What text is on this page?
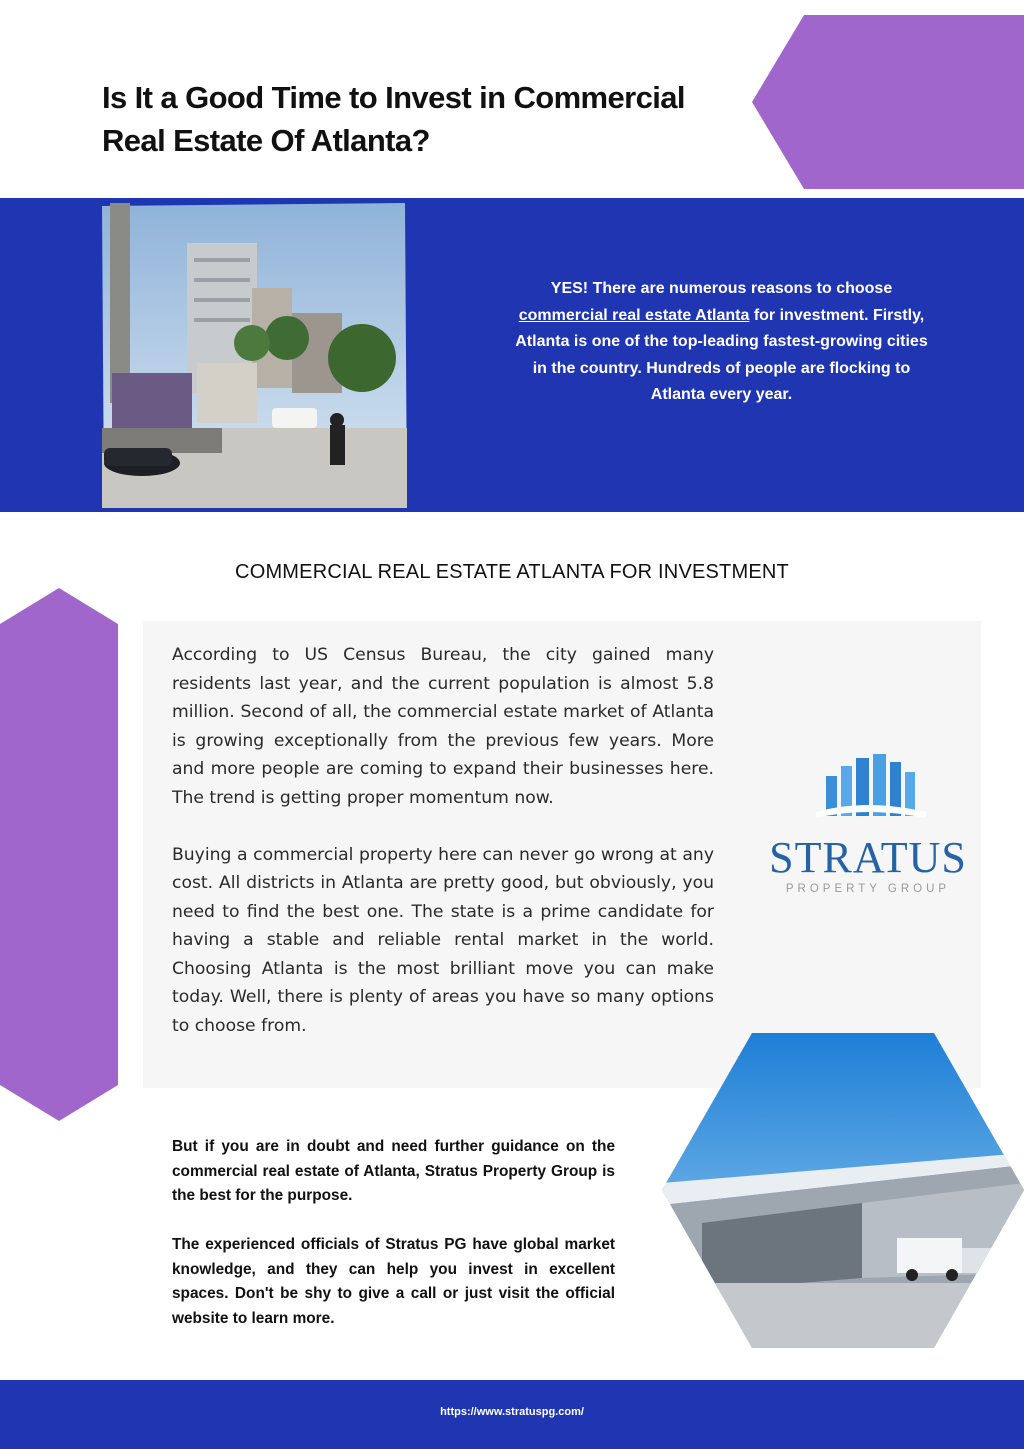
Is It a Good Time to Invest in Commercial
Real Estate Of Atlanta?
YES! There are numerous reasons to choose commercial real estate Atlanta for investment. Firstly, Atlanta is one of the top-leading fastest-growing cities in the country. Hundreds of people are flocking to Atlanta every year.
COMMERCIAL REAL ESTATE ATLANTA FOR INVESTMENT

According to US Census Bureau, the city gained many residents last year, and the current population is almost 5.8 million. Second of all, the commercial estate market of Atlanta is growing exceptionally from the previous few years. More and more people are coming to expand their businesses here. The trend is getting proper momentum now.

Buying a commercial property here can never go wrong at any cost. All districts in Atlanta are pretty good, but obviously, you need to find the best one. The state is a prime candidate for having a stable and reliable rental market in the world. Choosing Atlanta is the most brilliant move you can make today. Well, there is plenty of areas you have so many options to choose from.

STRATUS
PROPERTY GROUP

But if you are in doubt and need further guidance on the commercial real estate of Atlanta, Stratus Property Group is the best for the purpose.

The experienced officials of Stratus PG have global market knowledge, and they can help you invest in excellent spaces. Don't be shy to give a call or just visit the official website to learn more.

https://www.stratuspg.com/
